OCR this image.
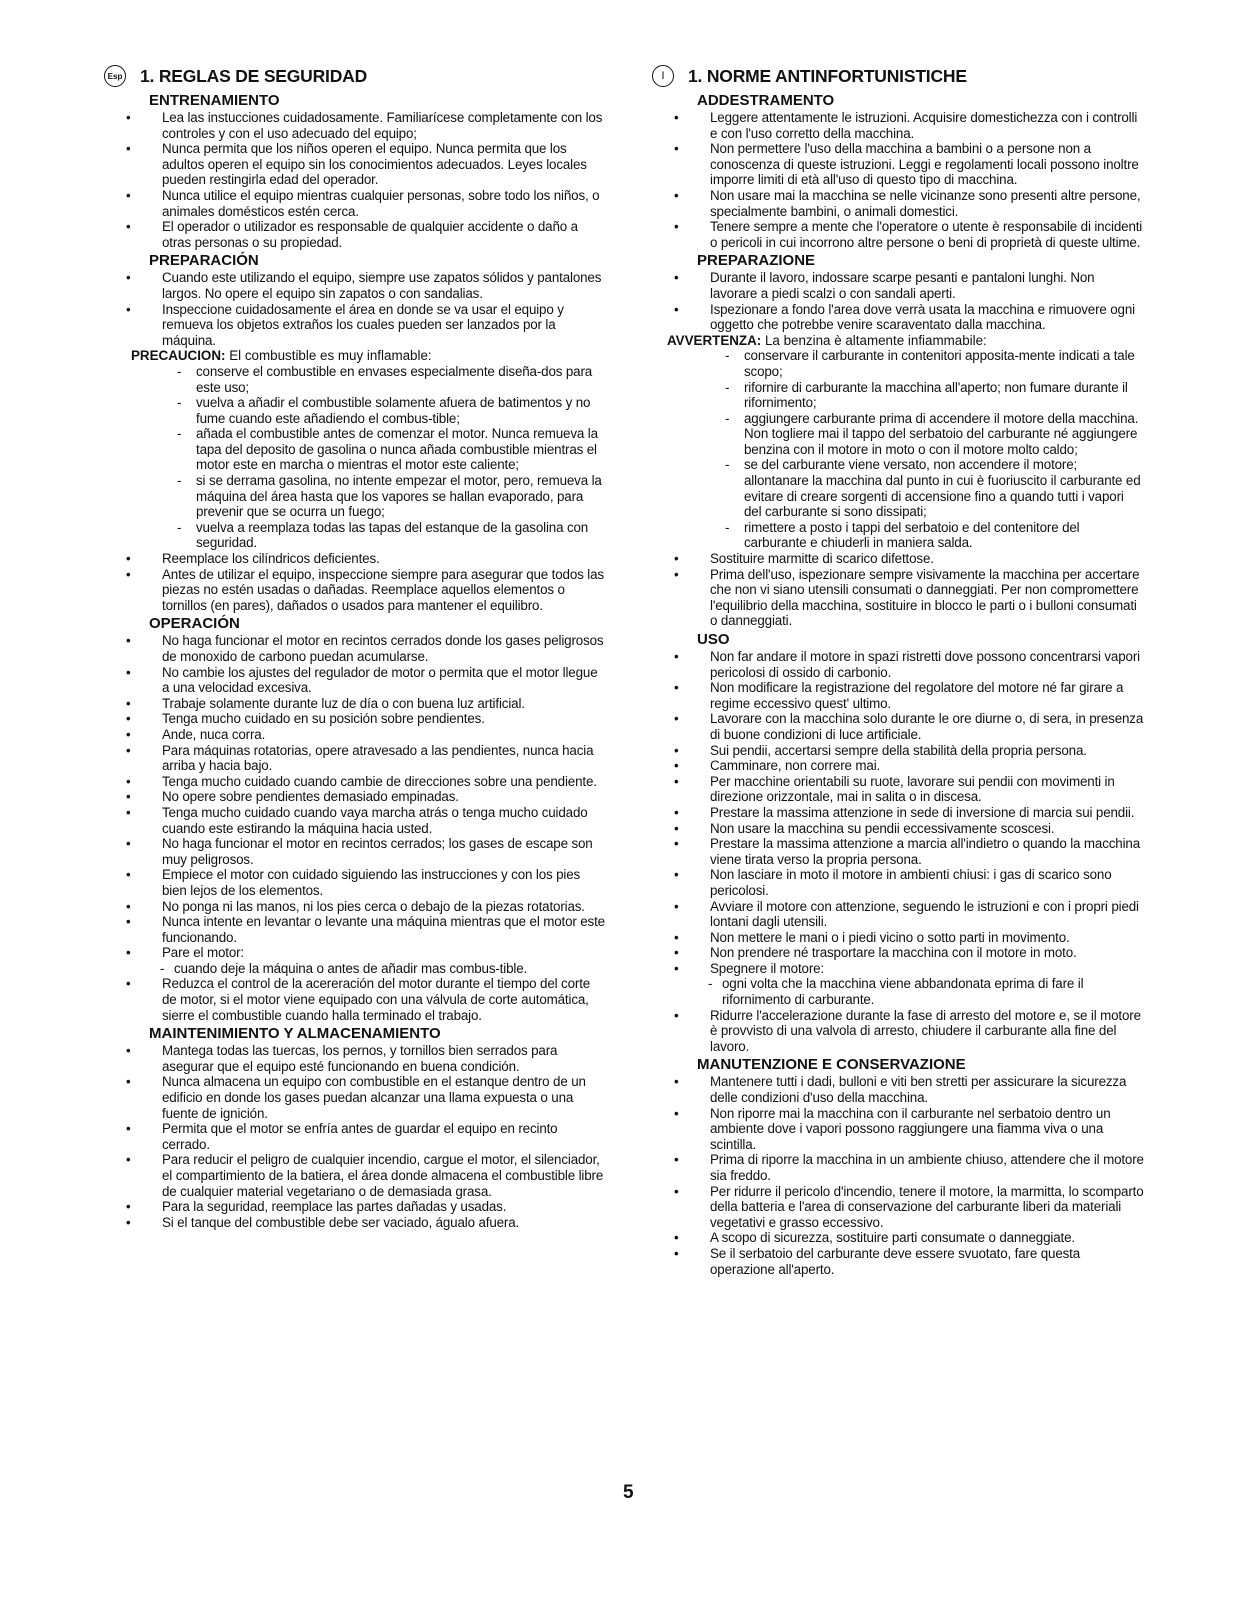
Esp 1. REGLAS DE SEGURIDAD
ENTRENAMIENTO
• Lea las instucciones cuidadosamente. Familiarícese completamente con los controles y con el uso adecuado del equipo;
• Nunca permita que los niños operen el equipo. Nunca permita que los adultos operen el equipo sin los conocimientos adecuados. Leyes locales pueden restingirla edad del operador.
• Nunca utilice el equipo mientras cualquier personas, sobre todo los niños, o animales domésticos estén cerca.
• El operador o utilizador es responsable de qualquier accidente o daño a otras personas o su propiedad.
PREPARACIÓN
• Cuando este utilizando el equipo, siempre use zapatos sólidos y pantalones largos. No opere el equipo sin zapatos o con sandalias.
• Inspeccione cuidadosamente el área en donde se va usar el equipo y remueva los objetos extraños los cuales pueden ser lanzados por la máquina.
PRECAUCION: El combustible es muy inflamable:
- conserve el combustible en envases especialmente diseña-dos para este uso;
- vuelva a añadir el combustible solamente afuera de batimentos y no fume cuando este añadiendo el combus-tible;
- añada el combustible antes de comenzar el motor. Nunca remueva la tapa del deposito de gasolina o nunca añada combustible mientras el motor este en marcha o mientras el motor este caliente;
- si se derrama gasolina, no intente empezar el motor, pero, remueva la máquina del área hasta que los vapores se hallan evaporado, para prevenir que se ocurra un fuego;
- vuelva a reemplaza todas las tapas del estanque de la gasolina con seguridad.
• Reemplace los cilíndricos deficientes.
• Antes de utilizar el equipo, inspeccione siempre para asegurar que todos las piezas no estén usadas o dañadas. Reemplace aquellos elementos o tornillos (en pares), dañados o usados para mantener el equilibro.
OPERACIÓN
• No haga funcionar el motor en recintos cerrados donde los gases peligrosos de monoxido de carbono puedan acumularse.
• No cambie los ajustes del regulador de motor o permita que el motor llegue a una velocidad excesiva.
• Trabaje solamente durante luz de día o con buena luz artificial.
• Tenga mucho cuidado en su posición sobre pendientes.
• Ande, nuca corra.
• Para máquinas rotatorias, opere atravesado a las pendientes, nunca hacia arriba y hacia bajo.
• Tenga mucho cuidado cuando cambie de direcciones sobre una pendiente.
• No opere sobre pendientes demasiado empinadas.
• Tenga mucho cuidado cuando vaya marcha atrás o tenga mucho cuidado cuando este estirando la máquina hacia usted.
• No haga funcionar el motor en recintos cerrados; los gases de escape son muy peligrosos.
• Empiece el motor con cuidado siguiendo las instrucciones y con los pies bien lejos de los elementos.
• No ponga ni las manos, ni los pies cerca o debajo de la piezas rotatorias.
• Nunca intente en levantar o levante una máquina mientras que el motor este funcionando.
• Pare el motor:
- cuando deje la máquina o antes de añadir mas combus-tible.
• Reduzca el control de la acereración del motor durante el tiempo del corte de motor, si el motor viene equipado con una válvula de corte automática, sierre el combustible cuando halla terminado el trabajo.
MAINTENIMIENTO Y ALMACENAMIENTO
• Mantega todas las tuercas, los pernos, y tornillos bien serrados para asegurar que el equipo esté funcionando en buena condición.
• Nunca almacena un equipo con combustible en el estanque dentro de un edificio en donde los gases puedan alcanzar una llama expuesta o una fuente de ignición.
• Permita que el motor se enfría antes de guardar el equipo en recinto cerrado.
• Para reducir el peligro de cualquier incendio, cargue el motor, el silenciador, el compartimiento de la batiera, el área donde almacena el combustible libre de cualquier material vegetariano o de demasiada grasa.
• Para la seguridad, reemplace las partes dañadas y usadas.
• Si el tanque del combustible debe ser vaciado, águalo afuera.
I	1. NORME ANTINFORTUNISTICHE
ADDESTRAMENTO
• Leggere attentamente le istruzioni. Acquisire domestichezza con i controlli e con l'uso corretto della macchina.
• Non permettere l'uso della macchina a bambini o a persone non a conoscenza di queste istruzioni. Leggi e regolamenti locali possono inoltre imporre limiti di età all'uso di questo tipo di macchina.
• Non usare mai la macchina se nelle vicinanze sono presenti altre persone, specialmente bambini, o animali domestici.
• Tenere sempre a mente che l'operatore o utente è responsabile di incidenti o pericoli in cui incorrono altre persone o beni di proprietà di queste ultime.
PREPARAZIONE
• Durante il lavoro, indossare scarpe pesanti e pantaloni lunghi. Non lavorare a piedi scalzi o con sandali aperti.
• Ispezionare a fondo l'area dove verrà usata la macchina e rimuovere ogni oggetto che potrebbe venire scaraventato dalla macchina.
AVVERTENZA: La benzina è altamente infiammabile:
- conservare il carburante in contenitori apposita-mente indicati a tale scopo;
- rifornire di carburante la macchina all'aperto; non fumare durante il rifornimento;
- aggiungere carburante prima di accendere il motore della macchina. Non togliere mai il tappo del serbatoio del carburante né aggiungere benzina con il motore in moto o con il motore molto caldo;
- se del carburante viene versato, non accendere il motore; allontanare la macchina dal punto in cui è fuoriuscito il carburante ed evitare di creare sorgenti di accensione fino a quando tutti i vapori del carburante si sono dissipati;
- rimettere a posto i tappi del serbatoio e del contenitore del carburante e chiuderli in maniera salda.
• Sostituire marmitte di scarico difettose.
• Prima dell'uso, ispezionare sempre visivamente la macchina per accertare che non vi siano utensili consumati o danneggiati. Per non compromettere l'equilibrio della macchina, sostituire in blocco le parti o i bulloni consumati o danneggiati.
USO
• Non far andare il motore in spazi ristretti dove possono concentrarsi vapori pericolosi di ossido di carbonio.
• Non modificare la registrazione del regolatore del motore né far girare a regime eccessivo quest' ultimo.
• Lavorare con la macchina solo durante le ore diurne o, di sera, in presenza di buone condizioni di luce artificiale.
• Sui pendii, accertarsi sempre della stabilità della propria persona.
• Camminare, non correre mai.
• Per macchine orientabili su ruote, lavorare sui pendii con movimenti in direzione orizzontale, mai in salita o in discesa.
• Prestare la massima attenzione in sede di inversione di marcia sui pendii.
• Non usare la macchina su pendii eccessivamente scoscesi.
• Prestare la massima attenzione a marcia all'indietro o quando la macchina viene tirata verso la propria persona.
• Non lasciare in moto il motore in ambienti chiusi: i gas di scarico sono pericolosi.
• Avviare il motore con attenzione, seguendo le istruzioni e con i propri piedi lontani dagli utensili.
• Non mettere le mani o i piedi vicino o sotto parti in movimento.
• Non prendere né trasportare la macchina con il motore in moto.
• Spegnere il motore:
- ogni volta che la macchina viene abbandonata eprima di fare il rifornimento di carburante.
• Ridurre l'accelerazione durante la fase di arresto del motore e, se il motore è provvisto di una valvola di arresto, chiudere il carburante alla fine del lavoro.
MANUTENZIONE E CONSERVAZIONE
• Mantenere tutti i dadi, bulloni e viti ben stretti per assicurare la sicurezza delle condizioni d'uso della macchina.
• Non riporre mai la macchina con il carburante nel serbatoio dentro un ambiente dove i vapori possono raggiungere una fiamma viva o una scintilla.
• Prima di riporre la macchina in un ambiente chiuso, attendere che il motore sia freddo.
• Per ridurre il pericolo d'incendio, tenere il motore, la marmitta, lo scomparto della batteria e l'area di conservazione del carburante liberi da materiali vegetativi e grasso eccessivo.
• A scopo di sicurezza, sostituire parti consumate o danneggiate.
• Se il serbatoio del carburante deve essere svuotato, fare questa operazione all'aperto.
5
